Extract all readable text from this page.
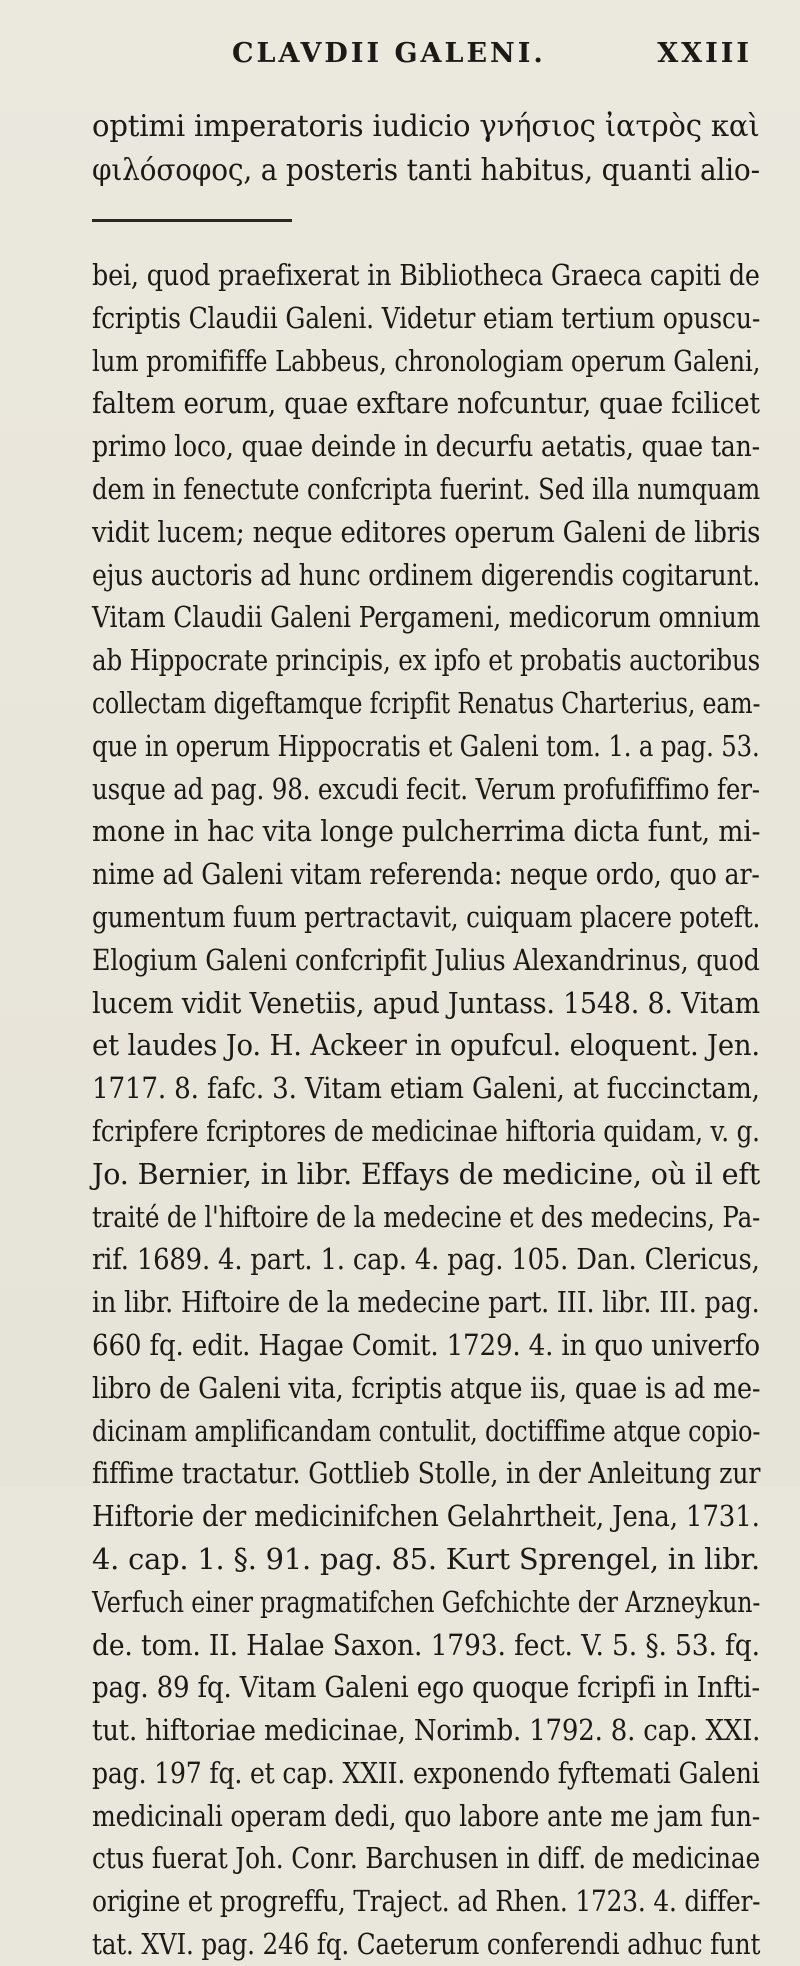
CLAVDII GALENI.	XXIII
optimi imperatoris iudicio γνήσιος ἰατρὸς καὶ
φιλόσοφος, a posteris tanti habitus, quanti alio-
bei, quod praefixerat in Bibliotheca Graeca capiti de
fcriptis Claudii Galeni. Videtur etiam tertium opuscu-
lum promififfe Labbeus, chronologiam operum Galeni,
faltem eorum, quae exftare nofcuntur, quae fcilicet
primo loco, quae deinde in decurfu aetatis, quae tan-
dem in fenectute confcripta fuerint. Sed illa numquam
vidit lucem; neque editores operum Galeni de libris
ejus auctoris ad hunc ordinem digerendis cogitarunt.
Vitam Claudii Galeni Pergameni, medicorum omnium
ab Hippocrate principis, ex ipfo et probatis auctoribus
collectam digeftamque fcripfit Renatus Charterius, eam-
que in operum Hippocratis et Galeni tom. 1. a pag. 53.
usque ad pag. 98. excudi fecit. Verum profufiffimo fer-
mone in hac vita longe pulcherrima dicta funt, mi-
nime ad Galeni vitam referenda: neque ordo, quo ar-
gumentum fuum pertractavit, cuiquam placere poteft.
Elogium Galeni confcripfit Julius Alexandrinus, quod
lucem vidit Venetiis, apud Juntass. 1548. 8. Vitam
et laudes Jo. H. Ackeer in opufcul. eloquent. Jen.
1717. 8. fafc. 3. Vitam etiam Galeni, at fuccinctam,
fcripfere fcriptores de medicinae hiftoria quidam, v. g.
Jo. Bernier, in libr. Effays de medicine, où il eft
traité de l'hiftoire de la medecine et des medecins, Pa-
rif. 1689. 4. part. 1. cap. 4. pag. 105. Dan. Clericus,
in libr. Hiftoire de la medecine part. III. libr. III. pag.
660 fq. edit. Hagae Comit. 1729. 4. in quo univerfo
libro de Galeni vita, fcriptis atque iis, quae is ad me-
dicinam amplificandam contulit, doctiffime atque copio-
fiffime tractatur. Gottlieb Stolle, in der Anleitung zur
Hiftorie der medicinifchen Gelahrtheit, Jena, 1731.
4. cap. 1. §. 91. pag. 85. Kurt Sprengel, in libr.
Verfuch einer pragmatifchen Gefchichte der Arzneykun-
de. tom. II. Halae Saxon. 1793. fect. V. 5. §. 53. fq.
pag. 89 fq. Vitam Galeni ego quoque fcripfi in Infti-
tut. hiftoriae medicinae, Norimb. 1792. 8. cap. XXI.
pag. 197 fq. et cap. XXII. exponendo fyftemati Galeni
medicinali operam dedi, quo labore ante me jam fun-
ctus fuerat Joh. Conr. Barchusen in diff. de medicinae
origine et progreffu, Traject. ad Rhen. 1723. 4. differ-
tat. XVI. pag. 246 fq. Caeterum conferendi adhuc funt
